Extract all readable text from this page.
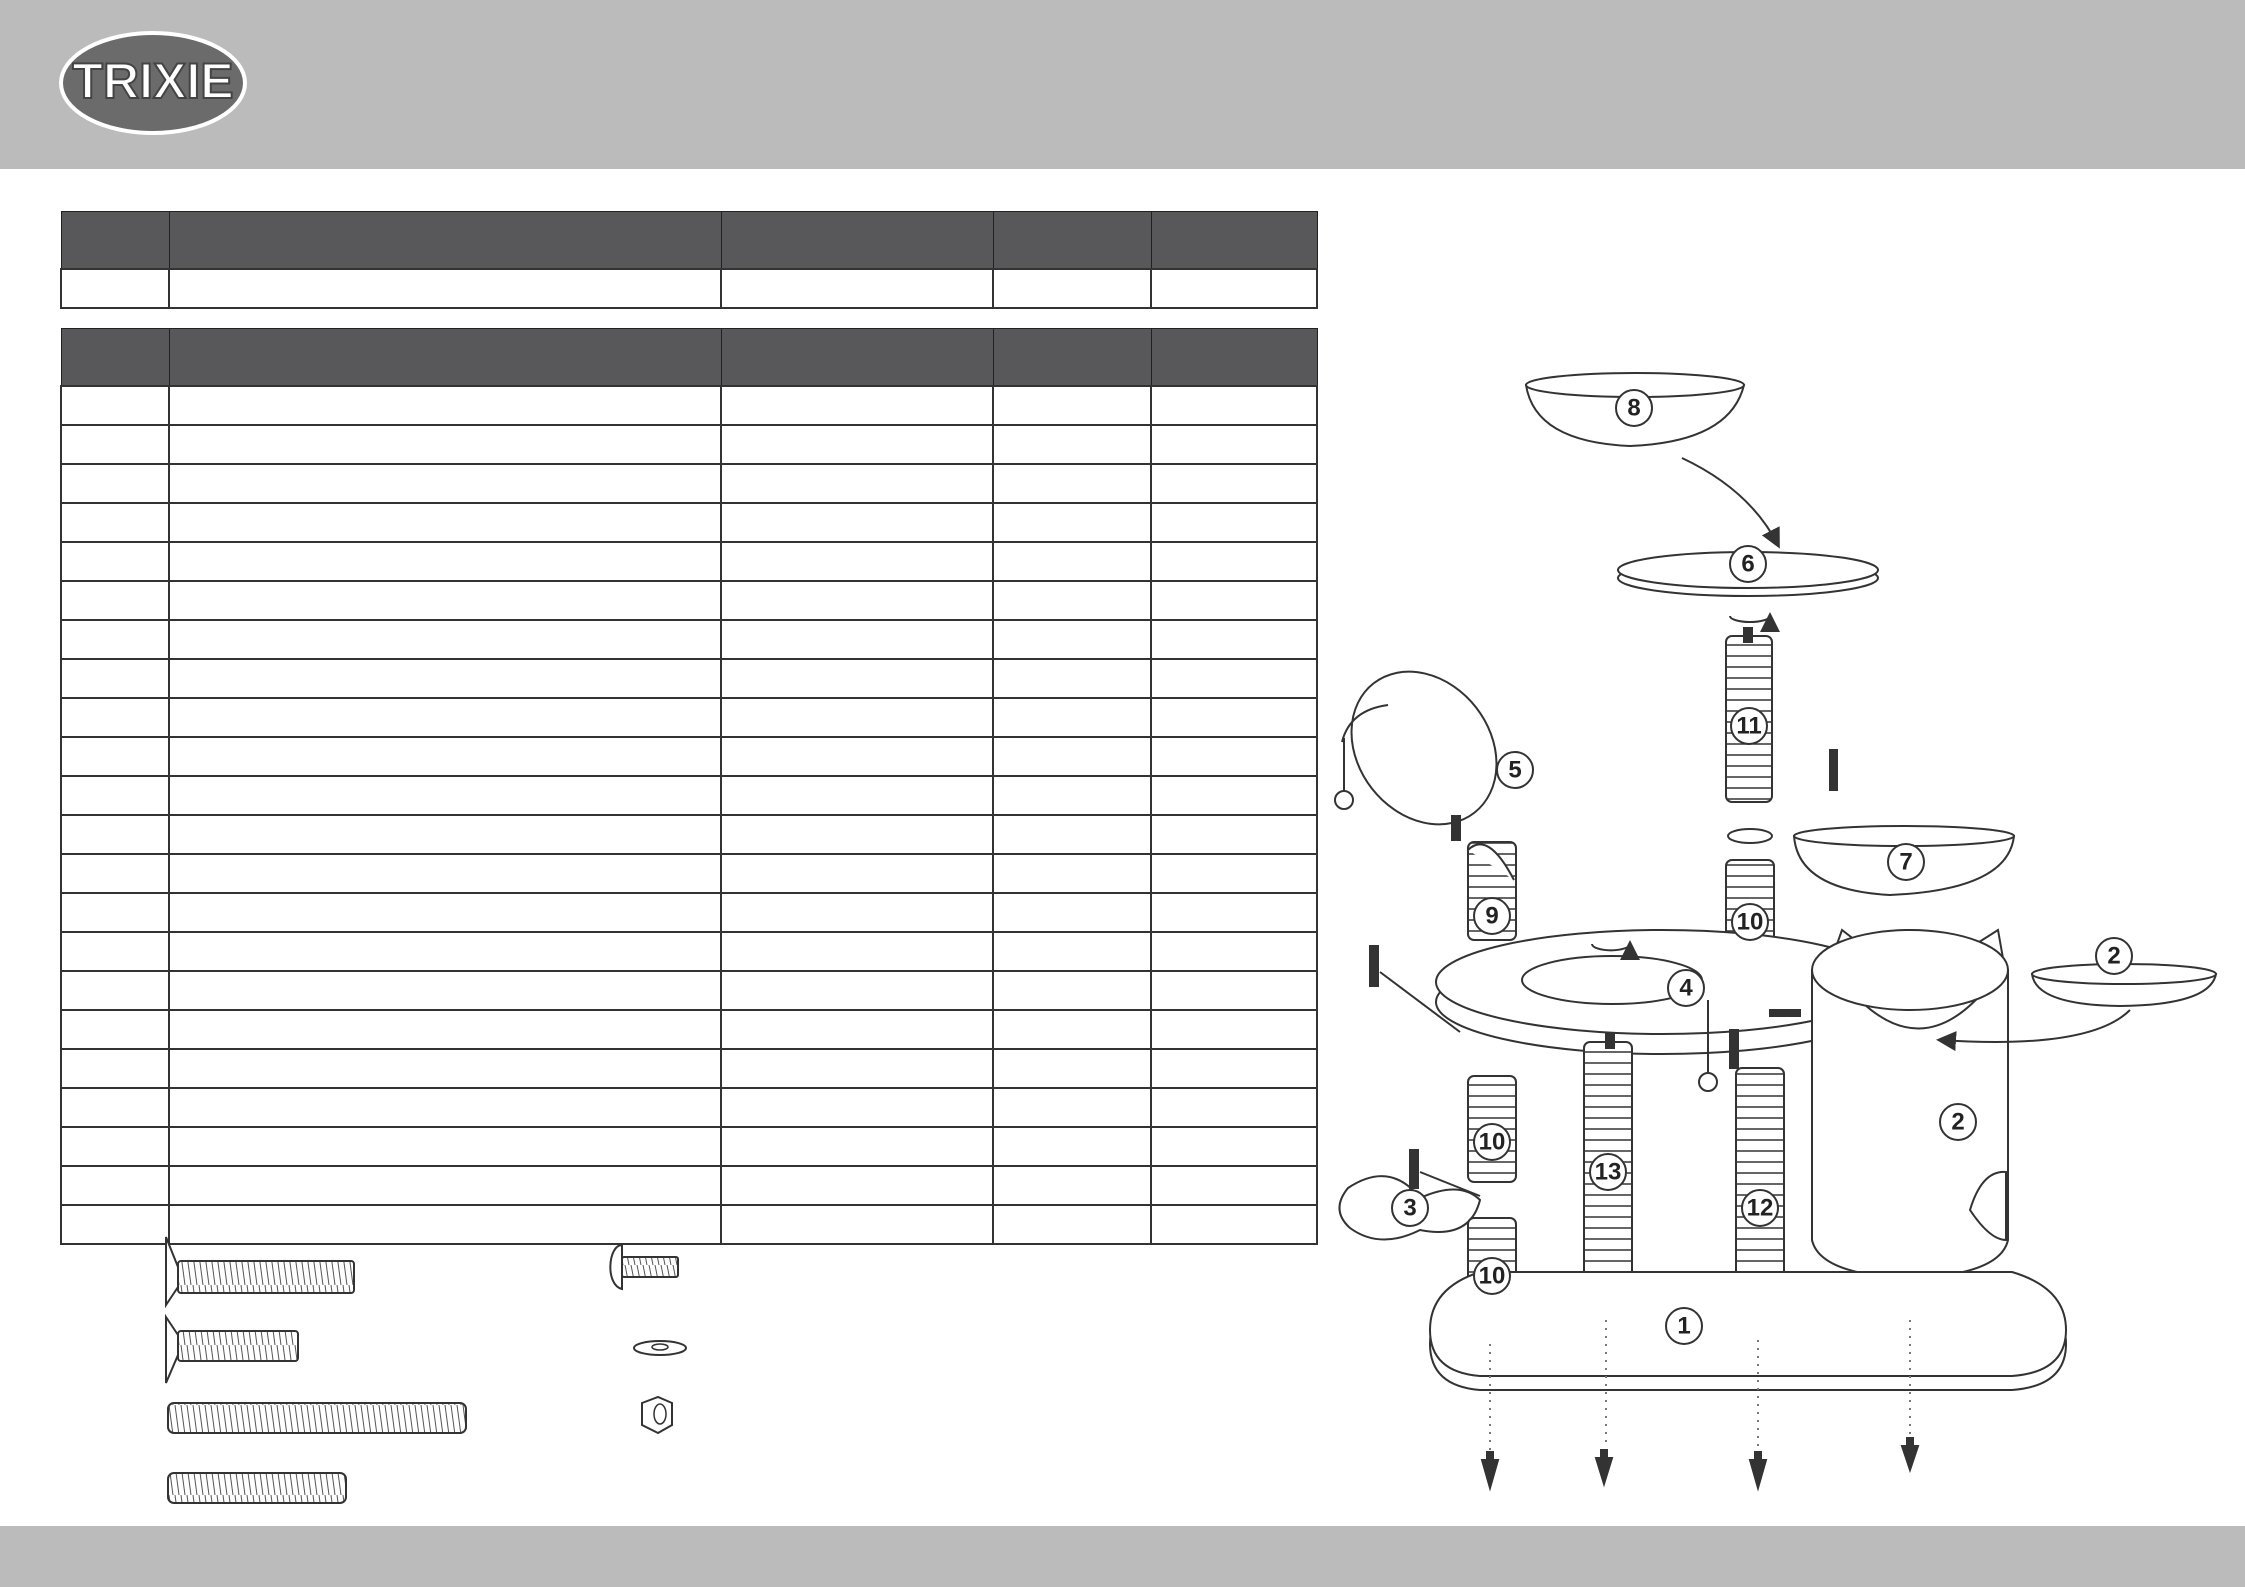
TRIXIE

8
6
11
5
7
9	10
4
2
2
10
13
12
3
10
1
